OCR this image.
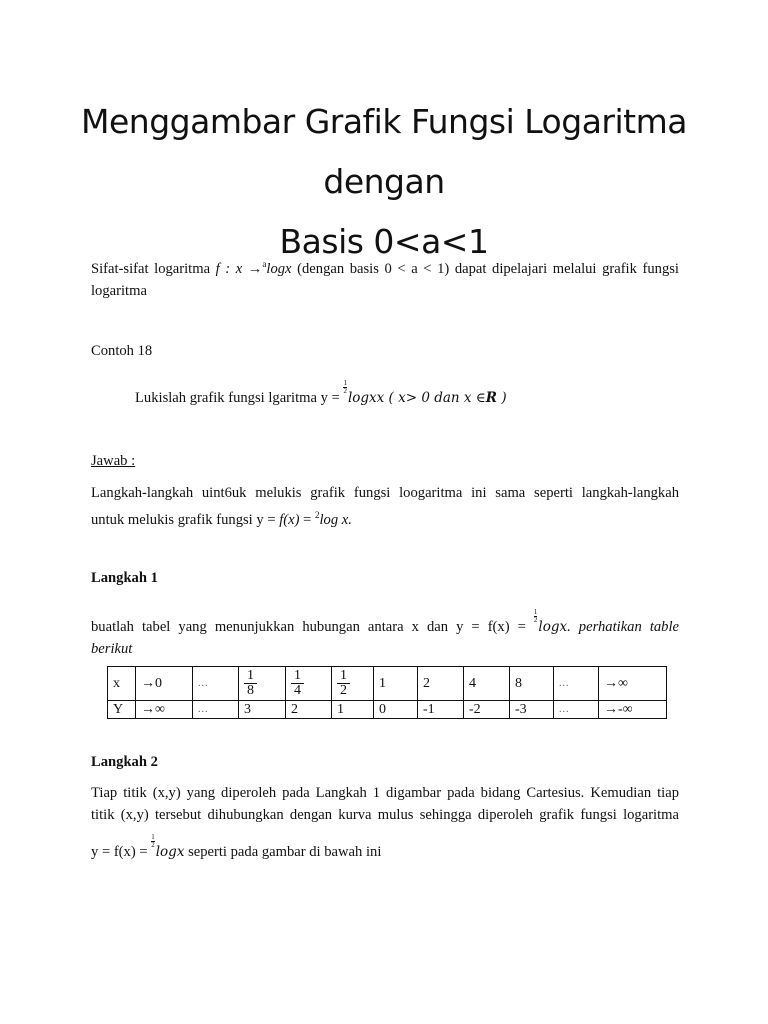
Menggambar Grafik Fungsi Logaritma dengan
Basis 0<a<1
Sifat-sifat logaritma f : x →$^a$logx (dengan basis 0 < a < 1) dapat dipelajari melalui grafik fungsi
logaritma
Contoh 18
Lukislah grafik fungsi lgaritma y =
$\frac{1}{2}$
logxx ( x> 0 dan x ∈R )
Jawab :
Langkah-langkah uint6uk melukis grafik fungsi loogaritma ini sama seperti langkah-langkah
untuk melukis grafik fungsi y = f(x) = $^2$log x.
Langkah 1
buatlah tabel yang menunjukkan hubungan antara x dan y = f(x) =
$\frac{1}{2}$
logx. perhatikan table
berikut
x	→0	...	$\frac{1}{8}$	$\frac{1}{4}$	$\frac{1}{2}$	1	2	4	8	...	→∞
Y	→∞	...	3	2	1	0	-1	-2	-3	...	→-∞
Langkah 2
Tiap titik (x,y) yang diperoleh pada Langkah 1 digambar pada bidang Cartesius. Kemudian tiap
titik (x,y) tersebut dihubungkan dengan kurva mulus sehingga diperoleh grafik fungsi logaritma
y = f(x) =
$\frac{1}{2}$
logx seperti pada gambar di bawah ini
